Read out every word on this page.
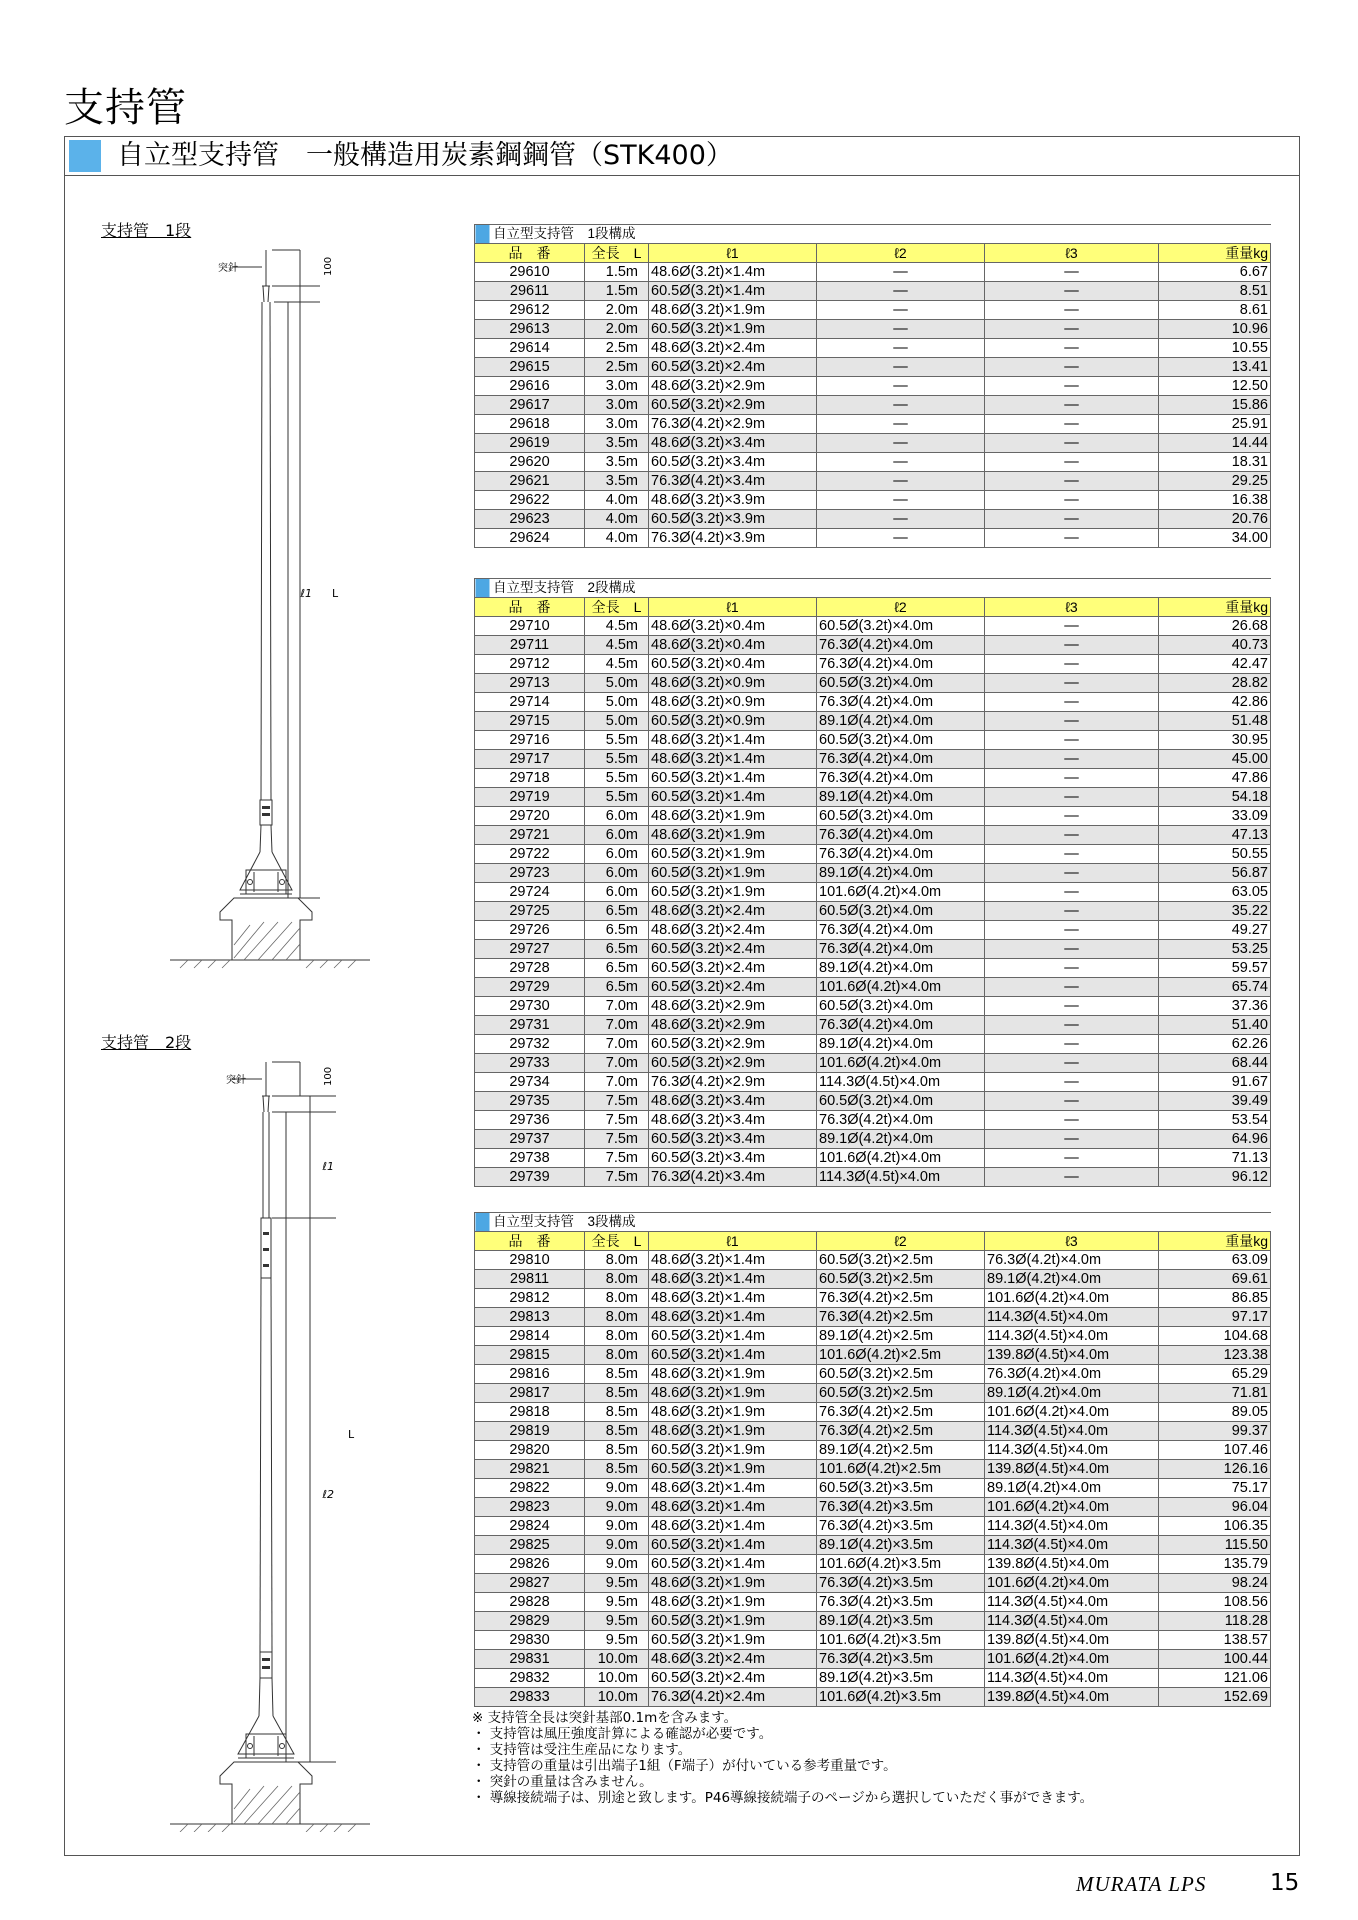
支持管
自立型支持管　一般構造用炭素鋼鋼管（STK400）
支持管　1段
突針	100
ℓ1 L
支持管　2段
突針	100
ℓ1
L
ℓ2
自立型支持管　1段構成					
品　番	全長　L	ℓ1	ℓ2	ℓ3	重量kg
29610	1.5m	48.6Ø(3.2t)×1.4m	—	—	6.67
29611	1.5m	60.5Ø(3.2t)×1.4m	—	—	8.51
29612	2.0m	48.6Ø(3.2t)×1.9m	—	—	8.61
29613	2.0m	60.5Ø(3.2t)×1.9m	—	—	10.96
29614	2.5m	48.6Ø(3.2t)×2.4m	—	—	10.55
29615	2.5m	60.5Ø(3.2t)×2.4m	—	—	13.41
29616	3.0m	48.6Ø(3.2t)×2.9m	—	—	12.50
29617	3.0m	60.5Ø(3.2t)×2.9m	—	—	15.86
29618	3.0m	76.3Ø(4.2t)×2.9m	—	—	25.91
29619	3.5m	48.6Ø(3.2t)×3.4m	—	—	14.44
29620	3.5m	60.5Ø(3.2t)×3.4m	—	—	18.31
29621	3.5m	76.3Ø(4.2t)×3.4m	—	—	29.25
29622	4.0m	48.6Ø(3.2t)×3.9m	—	—	16.38
29623	4.0m	60.5Ø(3.2t)×3.9m	—	—	20.76
29624	4.0m	76.3Ø(4.2t)×3.9m	—	—	34.00
自立型支持管　2段構成					
品　番	全長　L	ℓ1	ℓ2	ℓ3	重量kg
29710	4.5m	48.6Ø(3.2t)×0.4m	60.5Ø(3.2t)×4.0m	—	26.68
29711	4.5m	48.6Ø(3.2t)×0.4m	76.3Ø(4.2t)×4.0m	—	40.73
29712	4.5m	60.5Ø(3.2t)×0.4m	76.3Ø(4.2t)×4.0m	—	42.47
29713	5.0m	48.6Ø(3.2t)×0.9m	60.5Ø(3.2t)×4.0m	—	28.82
29714	5.0m	48.6Ø(3.2t)×0.9m	76.3Ø(4.2t)×4.0m	—	42.86
29715	5.0m	60.5Ø(3.2t)×0.9m	89.1Ø(4.2t)×4.0m	—	51.48
29716	5.5m	48.6Ø(3.2t)×1.4m	60.5Ø(3.2t)×4.0m	—	30.95
29717	5.5m	48.6Ø(3.2t)×1.4m	76.3Ø(4.2t)×4.0m	—	45.00
29718	5.5m	60.5Ø(3.2t)×1.4m	76.3Ø(4.2t)×4.0m	—	47.86
29719	5.5m	60.5Ø(3.2t)×1.4m	89.1Ø(4.2t)×4.0m	—	54.18
29720	6.0m	48.6Ø(3.2t)×1.9m	60.5Ø(3.2t)×4.0m	—	33.09
29721	6.0m	48.6Ø(3.2t)×1.9m	76.3Ø(4.2t)×4.0m	—	47.13
29722	6.0m	60.5Ø(3.2t)×1.9m	76.3Ø(4.2t)×4.0m	—	50.55
29723	6.0m	60.5Ø(3.2t)×1.9m	89.1Ø(4.2t)×4.0m	—	56.87
29724	6.0m	60.5Ø(3.2t)×1.9m	101.6Ø(4.2t)×4.0m	—	63.05
29725	6.5m	48.6Ø(3.2t)×2.4m	60.5Ø(3.2t)×4.0m	—	35.22
29726	6.5m	48.6Ø(3.2t)×2.4m	76.3Ø(4.2t)×4.0m	—	49.27
29727	6.5m	60.5Ø(3.2t)×2.4m	76.3Ø(4.2t)×4.0m	—	53.25
29728	6.5m	60.5Ø(3.2t)×2.4m	89.1Ø(4.2t)×4.0m	—	59.57
29729	6.5m	60.5Ø(3.2t)×2.4m	101.6Ø(4.2t)×4.0m	—	65.74
29730	7.0m	48.6Ø(3.2t)×2.9m	60.5Ø(3.2t)×4.0m	—	37.36
29731	7.0m	48.6Ø(3.2t)×2.9m	76.3Ø(4.2t)×4.0m	—	51.40
29732	7.0m	60.5Ø(3.2t)×2.9m	89.1Ø(4.2t)×4.0m	—	62.26
29733	7.0m	60.5Ø(3.2t)×2.9m	101.6Ø(4.2t)×4.0m	—	68.44
29734	7.0m	76.3Ø(4.2t)×2.9m	114.3Ø(4.5t)×4.0m	—	91.67
29735	7.5m	48.6Ø(3.2t)×3.4m	60.5Ø(3.2t)×4.0m	—	39.49
29736	7.5m	48.6Ø(3.2t)×3.4m	76.3Ø(4.2t)×4.0m	—	53.54
29737	7.5m	60.5Ø(3.2t)×3.4m	89.1Ø(4.2t)×4.0m	—	64.96
29738	7.5m	60.5Ø(3.2t)×3.4m	101.6Ø(4.2t)×4.0m	—	71.13
29739	7.5m	76.3Ø(4.2t)×3.4m	114.3Ø(4.5t)×4.0m	—	96.12
自立型支持管　3段構成					
品　番	全長　L	ℓ1	ℓ2	ℓ3	重量kg
29810	8.0m	48.6Ø(3.2t)×1.4m	60.5Ø(3.2t)×2.5m	76.3Ø(4.2t)×4.0m	63.09
29811	8.0m	48.6Ø(3.2t)×1.4m	60.5Ø(3.2t)×2.5m	89.1Ø(4.2t)×4.0m	69.61
29812	8.0m	48.6Ø(3.2t)×1.4m	76.3Ø(4.2t)×2.5m	101.6Ø(4.2t)×4.0m	86.85
29813	8.0m	48.6Ø(3.2t)×1.4m	76.3Ø(4.2t)×2.5m	114.3Ø(4.5t)×4.0m	97.17
29814	8.0m	60.5Ø(3.2t)×1.4m	89.1Ø(4.2t)×2.5m	114.3Ø(4.5t)×4.0m	104.68
29815	8.0m	60.5Ø(3.2t)×1.4m	101.6Ø(4.2t)×2.5m	139.8Ø(4.5t)×4.0m	123.38
29816	8.5m	48.6Ø(3.2t)×1.9m	60.5Ø(3.2t)×2.5m	76.3Ø(4.2t)×4.0m	65.29
29817	8.5m	48.6Ø(3.2t)×1.9m	60.5Ø(3.2t)×2.5m	89.1Ø(4.2t)×4.0m	71.81
29818	8.5m	48.6Ø(3.2t)×1.9m	76.3Ø(4.2t)×2.5m	101.6Ø(4.2t)×4.0m	89.05
29819	8.5m	48.6Ø(3.2t)×1.9m	76.3Ø(4.2t)×2.5m	114.3Ø(4.5t)×4.0m	99.37
29820	8.5m	60.5Ø(3.2t)×1.9m	89.1Ø(4.2t)×2.5m	114.3Ø(4.5t)×4.0m	107.46
29821	8.5m	60.5Ø(3.2t)×1.9m	101.6Ø(4.2t)×2.5m	139.8Ø(4.5t)×4.0m	126.16
29822	9.0m	48.6Ø(3.2t)×1.4m	60.5Ø(3.2t)×3.5m	89.1Ø(4.2t)×4.0m	75.17
29823	9.0m	48.6Ø(3.2t)×1.4m	76.3Ø(4.2t)×3.5m	101.6Ø(4.2t)×4.0m	96.04
29824	9.0m	48.6Ø(3.2t)×1.4m	76.3Ø(4.2t)×3.5m	114.3Ø(4.5t)×4.0m	106.35
29825	9.0m	60.5Ø(3.2t)×1.4m	89.1Ø(4.2t)×3.5m	114.3Ø(4.5t)×4.0m	115.50
29826	9.0m	60.5Ø(3.2t)×1.4m	101.6Ø(4.2t)×3.5m	139.8Ø(4.5t)×4.0m	135.79
29827	9.5m	48.6Ø(3.2t)×1.9m	76.3Ø(4.2t)×3.5m	101.6Ø(4.2t)×4.0m	98.24
29828	9.5m	48.6Ø(3.2t)×1.9m	76.3Ø(4.2t)×3.5m	114.3Ø(4.5t)×4.0m	108.56
29829	9.5m	60.5Ø(3.2t)×1.9m	89.1Ø(4.2t)×3.5m	114.3Ø(4.5t)×4.0m	118.28
29830	9.5m	60.5Ø(3.2t)×1.9m	101.6Ø(4.2t)×3.5m	139.8Ø(4.5t)×4.0m	138.57
29831	10.0m	48.6Ø(3.2t)×2.4m	76.3Ø(4.2t)×3.5m	101.6Ø(4.2t)×4.0m	100.44
29832	10.0m	60.5Ø(3.2t)×2.4m	89.1Ø(4.2t)×3.5m	114.3Ø(4.5t)×4.0m	121.06
29833	10.0m	76.3Ø(4.2t)×2.4m	101.6Ø(4.2t)×3.5m	139.8Ø(4.5t)×4.0m	152.69
※ 支持管全長は突針基部0.1mを含みます。
・ 支持管は風圧強度計算による確認が必要です。
・ 支持管は受注生産品になります。
・ 支持管の重量は引出端子1組（F端子）が付いている参考重量です。
・ 突針の重量は含みません。
・ 導線接続端子は、別途と致します。P46導線接続端子のページから選択していただく事ができます。
MURATA LPS	15
